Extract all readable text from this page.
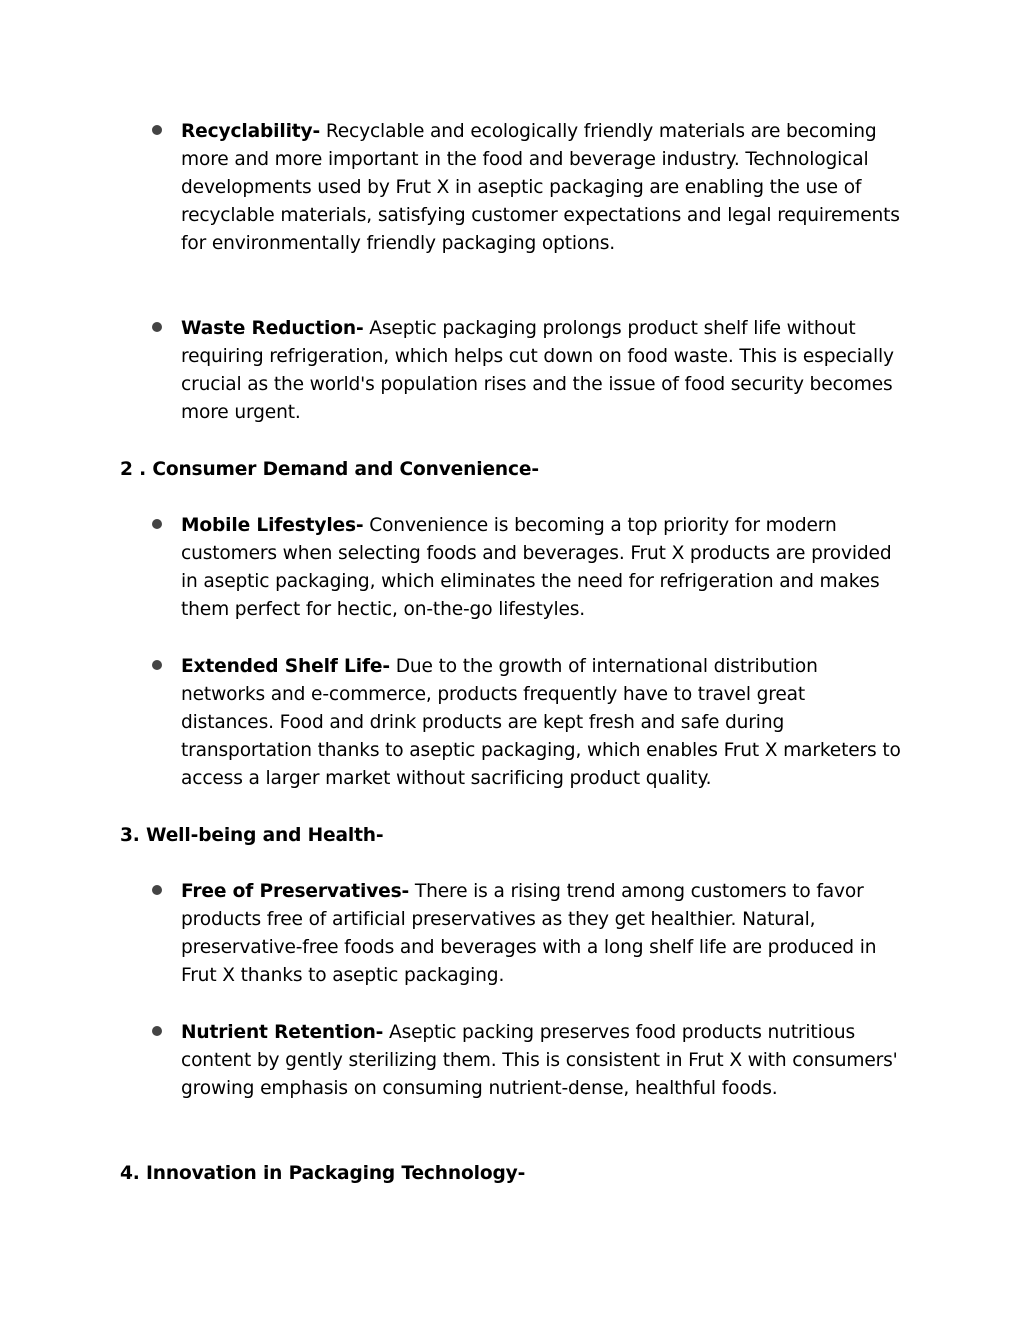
Recyclability- Recyclable and ecologically friendly materials are becoming more and more important in the food and beverage industry. Technological developments used by Frut X in aseptic packaging are enabling the use of recyclable materials, satisfying customer expectations and legal requirements for environmentally friendly packaging options.

Waste Reduction- Aseptic packaging prolongs product shelf life without requiring refrigeration, which helps cut down on food waste. This is especially crucial as the world's population rises and the issue of food security becomes more urgent.

2 . Consumer Demand and Convenience-

Mobile Lifestyles- Convenience is becoming a top priority for modern customers when selecting foods and beverages. Frut X products are provided in aseptic packaging, which eliminates the need for refrigeration and makes them perfect for hectic, on-the-go lifestyles.

Extended Shelf Life- Due to the growth of international distribution networks and e-commerce, products frequently have to travel great distances. Food and drink products are kept fresh and safe during transportation thanks to aseptic packaging, which enables Frut X marketers to access a larger market without sacrificing product quality.

3. Well-being and Health-

Free of Preservatives- There is a rising trend among customers to favor products free of artificial preservatives as they get healthier. Natural, preservative-free foods and beverages with a long shelf life are produced in Frut X thanks to aseptic packaging.

Nutrient Retention- Aseptic packing preserves food products nutritious content by gently sterilizing them. This is consistent in Frut X with consumers' growing emphasis on consuming nutrient-dense, healthful foods.

4. Innovation in Packaging Technology-
